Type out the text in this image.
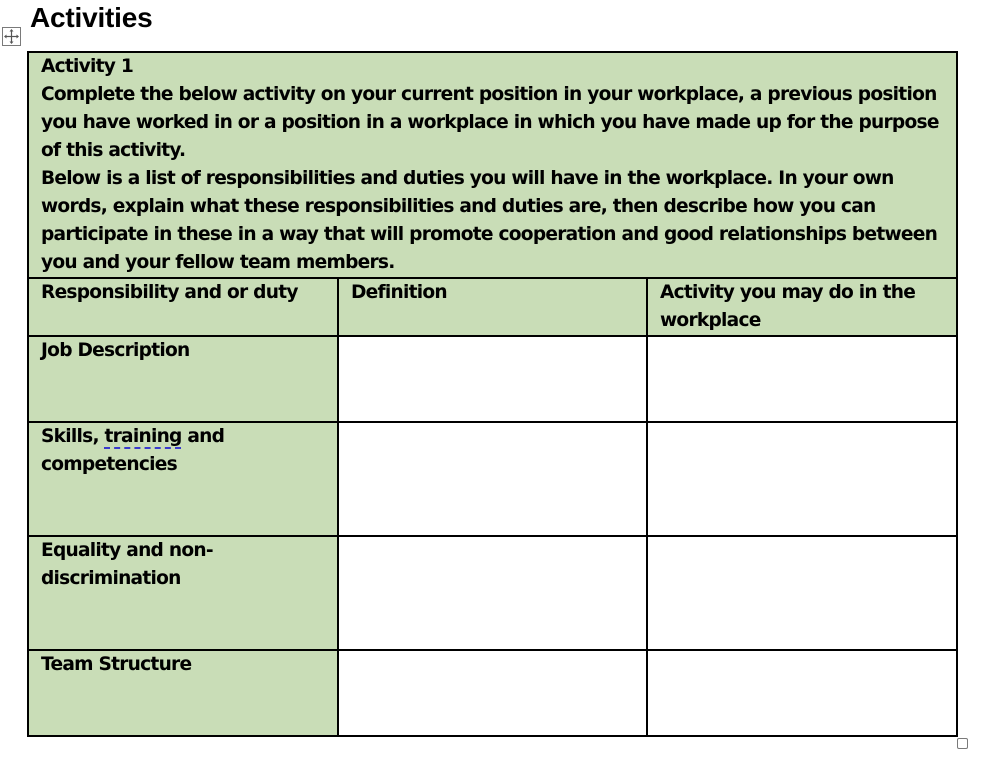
Activities
Activity 1
Complete the below activity on your current position in your workplace, a previous position you have worked in or a position in a workplace in which you have made up for the purpose of this activity.
Below is a list of responsibilities and duties you will have in the workplace. In your own words, explain what these responsibilities and duties are, then describe how you can participate in these in a way that will promote cooperation and good relationships between you and your fellow team members.		

Responsibility and or duty	Definition	Activity you may do in the workplace
Job Description		
Skills, training and competencies		
Equality and non-discrimination		
Team Structure		
